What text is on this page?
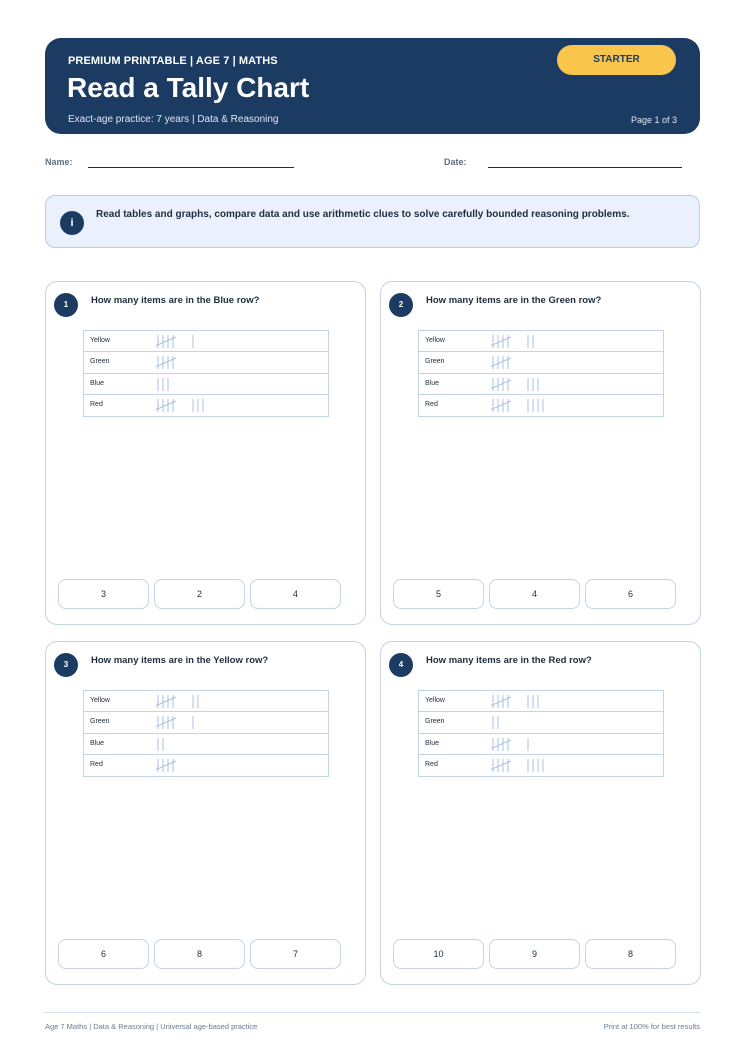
PREMIUM PRINTABLE | AGE 7 | MATHS
Read a Tally Chart
Exact-age practice: 7 years | Data & Reasoning	Page 1 of 3
STARTER
Name:	Date:
i
Read tables and graphs, compare data and use arithmetic clues to solve carefully bounded reasoning problems.
1	How many items are in the Blue row?
Yellow
Green
Blue
Red
3	2	4
2	How many items are in the Green row?
Yellow
Green
Blue
Red
5	4	6
3	How many items are in the Yellow row?
Yellow
Green
Blue
Red
6	8	7
4	How many items are in the Red row?
Yellow
Green
Blue
Red
10	9	8
Age 7 Maths | Data & Reasoning | Universal age-based practice	Print at 100% for best results
